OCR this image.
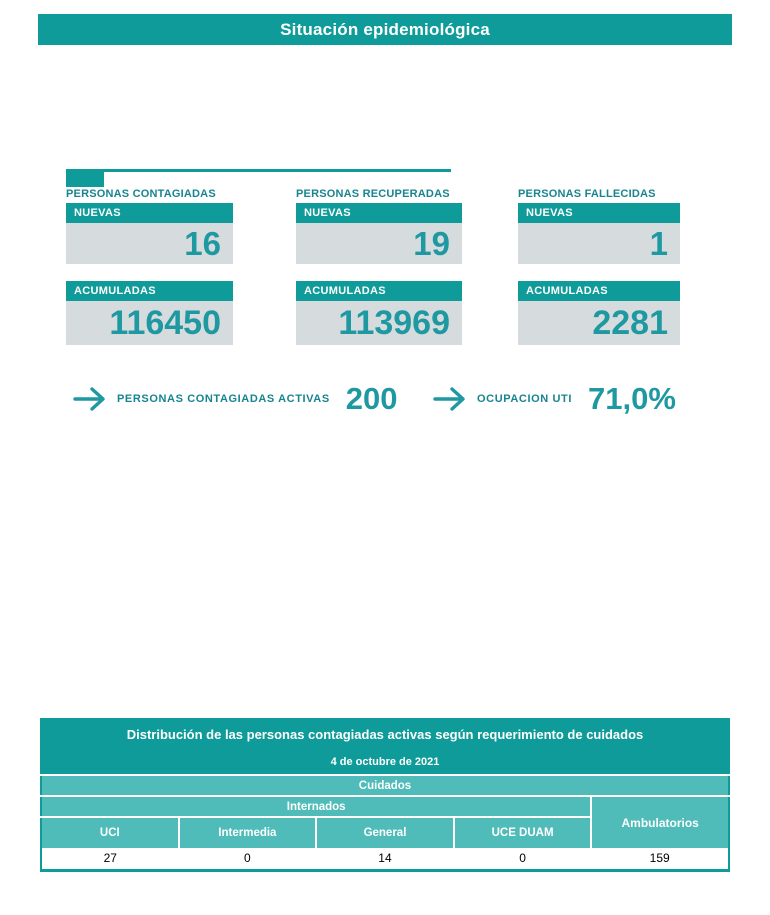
Situación epidemiológica
PERSONAS CONTAGIADAS
NUEVAS
16
ACUMULADAS
116450
PERSONAS RECUPERADAS
NUEVAS
19
ACUMULADAS
113969
PERSONAS FALLECIDAS
NUEVAS
1
ACUMULADAS
2281
PERSONAS CONTAGIADAS ACTIVAS 200	OCUPACION UTI 71,0%
Distribución de las personas contagiadas activas según requerimiento de cuidados				
4 de octubre de 2021				
Cuidados				
Internados				Ambulatorios
UCI	Intermedia	General	UCE DUAM	
27	0	14	0	159
